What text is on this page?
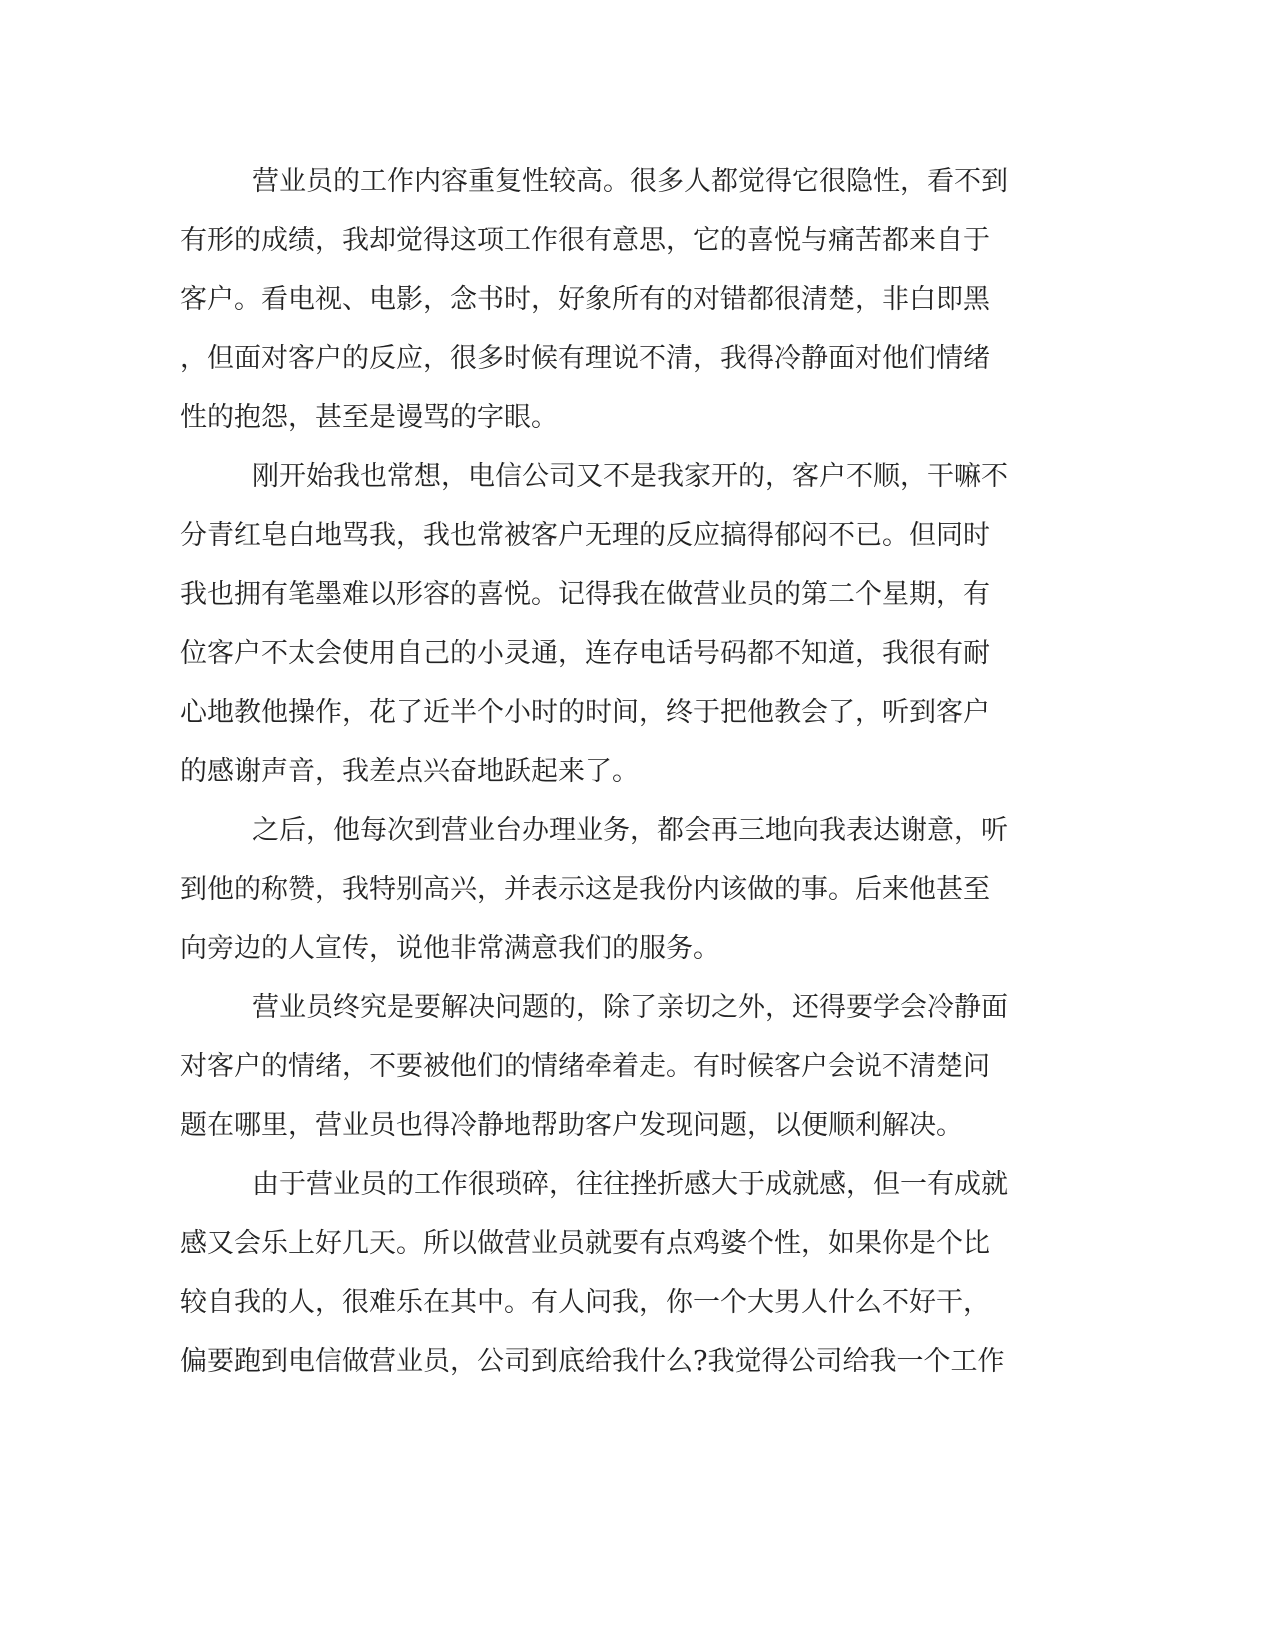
营业员的工作内容重复性较高。很多人都觉得它很隐性，看不到
有形的成绩，我却觉得这项工作很有意思，它的喜悦与痛苦都来自于
客户。看电视、电影，念书时，好象所有的对错都很清楚，非白即黑
，但面对客户的反应，很多时候有理说不清，我得冷静面对他们情绪
性的抱怨，甚至是谩骂的字眼。
刚开始我也常想，电信公司又不是我家开的，客户不顺，干嘛不
分青红皂白地骂我，我也常被客户无理的反应搞得郁闷不已。但同时
我也拥有笔墨难以形容的喜悦。记得我在做营业员的第二个星期，有
位客户不太会使用自己的小灵通，连存电话号码都不知道，我很有耐
心地教他操作，花了近半个小时的时间，终于把他教会了，听到客户
的感谢声音，我差点兴奋地跃起来了。
之后，他每次到营业台办理业务，都会再三地向我表达谢意，听
到他的称赞，我特别高兴，并表示这是我份内该做的事。后来他甚至
向旁边的人宣传，说他非常满意我们的服务。
营业员终究是要解决问题的，除了亲切之外，还得要学会冷静面
对客户的情绪，不要被他们的情绪牵着走。有时候客户会说不清楚问
题在哪里，营业员也得冷静地帮助客户发现问题，以便顺利解决。
由于营业员的工作很琐碎，往往挫折感大于成就感，但一有成就
感又会乐上好几天。所以做营业员就要有点鸡婆个性，如果你是个比
较自我的人，很难乐在其中。有人问我，你一个大男人什么不好干，
偏要跑到电信做营业员，公司到底给我什么?我觉得公司给我一个工作
